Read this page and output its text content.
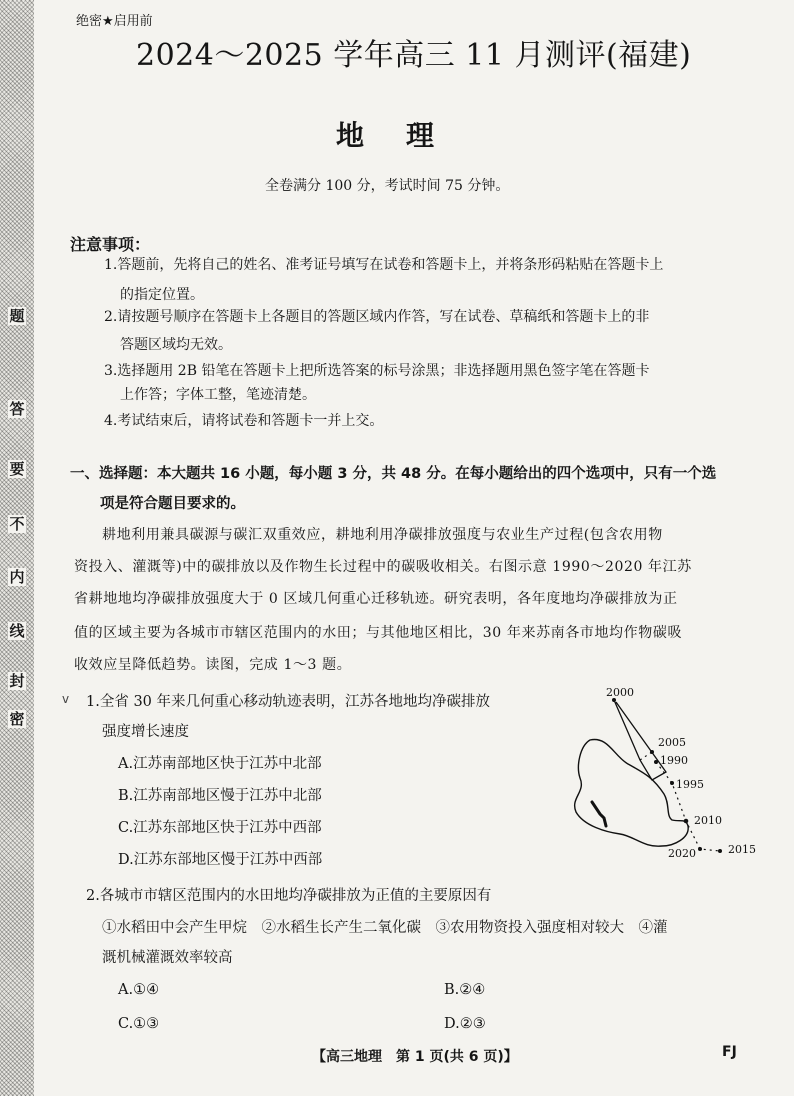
题
答
要
不
内
线
封
密
绝密★启用前
2024～2025 学年高三 11 月测评(福建)
地理
全卷满分 100 分，考试时间 75 分钟。
注意事项：
1.答题前，先将自己的姓名、准考证号填写在试卷和答题卡上，并将条形码粘贴在答题卡上
的指定位置。
2.请按题号顺序在答题卡上各题目的答题区域内作答，写在试卷、草稿纸和答题卡上的非
答题区域均无效。
3.选择题用 2B 铅笔在答题卡上把所选答案的标号涂黑；非选择题用黑色签字笔在答题卡
上作答；字体工整，笔迹清楚。
4.考试结束后，请将试卷和答题卡一并上交。
一、选择题：本大题共 16 小题，每小题 3 分，共 48 分。在每小题给出的四个选项中，只有一个选
项是符合题目要求的。
耕地利用兼具碳源与碳汇双重效应，耕地利用净碳排放强度与农业生产过程(包含农用物
资投入、灌溉等)中的碳排放以及作物生长过程中的碳吸收相关。右图示意 1990～2020 年江苏
省耕地地均净碳排放强度大于 0 区域几何重心迁移轨迹。研究表明，各年度地均净碳排放为正
值的区域主要为各城市市辖区范围内的水田；与其他地区相比，30 年来苏南各市地均作物碳吸
收效应呈降低趋势。读图，完成 1～3 题。
v 1.全省 30 年来几何重心移动轨迹表明，江苏各地地均净碳排放
强度增长速度
A.江苏南部地区快于江苏中北部
B.江苏南部地区慢于江苏中北部
C.江苏东部地区快于江苏中西部
D.江苏东部地区慢于江苏中西部
2000
2005
1990
1995
2010
2020	2015
2.各城市市辖区范围内的水田地均净碳排放为正值的主要原因有
①水稻田中会产生甲烷　②水稻生长产生二氧化碳　③农用物资投入强度相对较大　④灌
溉机械灌溉效率较高
A.①④	B.②④
C.①③	D.②③
【高三地理　第 1 页(共 6 页)】	FJ
